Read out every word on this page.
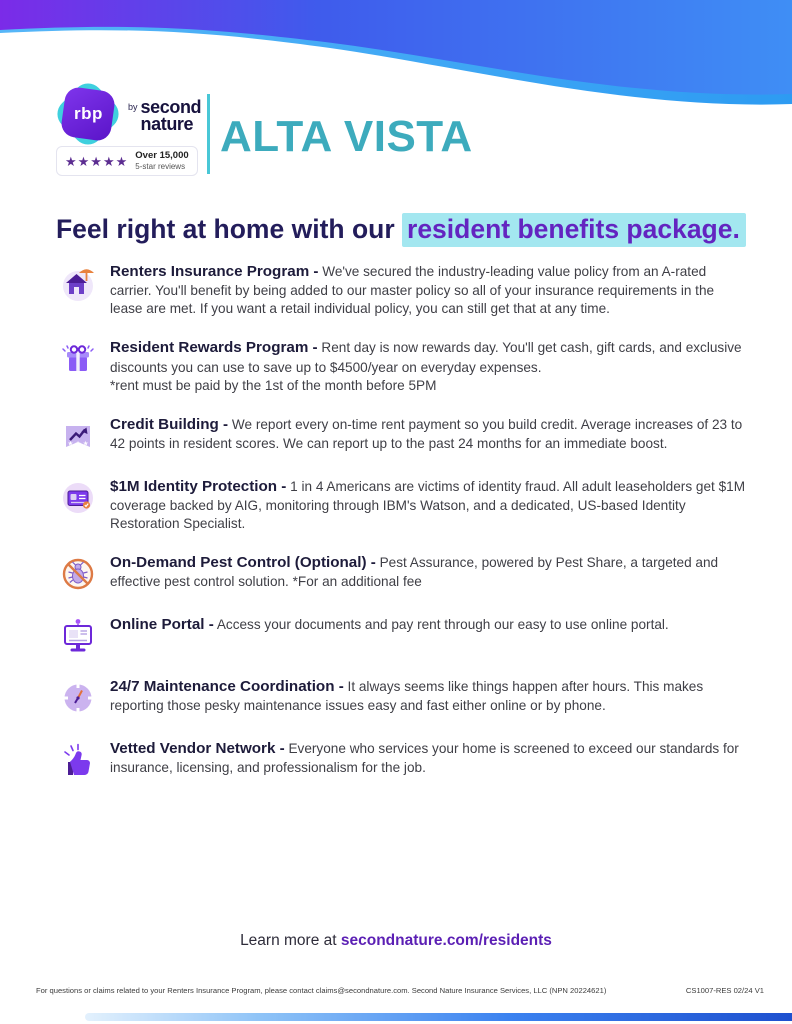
rbp	by second
nature
★★★★★ Over 15,000
5-star reviews
ALTA VISTA
Feel right at home with our resident benefits package.
Renters Insurance Program - We've secured the industry-leading value policy from an A-rated carrier. You'll benefit by being added to our master policy so all of your insurance requirements in the lease are met. If you want a retail individual policy, you can still get that at any time.
Resident Rewards Program - Rent day is now rewards day. You'll get cash, gift cards, and exclusive discounts you can use to save up to $4500/year on everyday expenses.
*rent must be paid by the 1st of the month before 5PM
★ ★ ★
Credit Building - We report every on-time rent payment so you build credit. Average increases of 23 to 42 points in resident scores. We can report up to the past 24 months for an immediate boost.
$1M Identity Protection - 1 in 4 Americans are victims of identity fraud. All adult leaseholders get $1M coverage backed by AIG, monitoring through IBM's Watson, and a dedicated, US-based Identity Restoration Specialist.
On-Demand Pest Control (Optional) - Pest Assurance, powered by Pest Share, a targeted and effective pest control solution. *For an additional fee
Online Portal - Access your documents and pay rent through our easy to use online portal.
24/7 Maintenance Coordination - It always seems like things happen after hours. This makes reporting those pesky maintenance issues easy and fast either online or by phone.
Vetted Vendor Network - Everyone who services your home is screened to exceed our standards for insurance, licensing, and professionalism for the job.
Learn more at secondnature.com/residents
For questions or claims related to your Renters Insurance Program, please contact claims@secondnature.com. Second Nature Insurance Services, LLC (NPN 20224621)	CS1007-RES 02/24 V1
